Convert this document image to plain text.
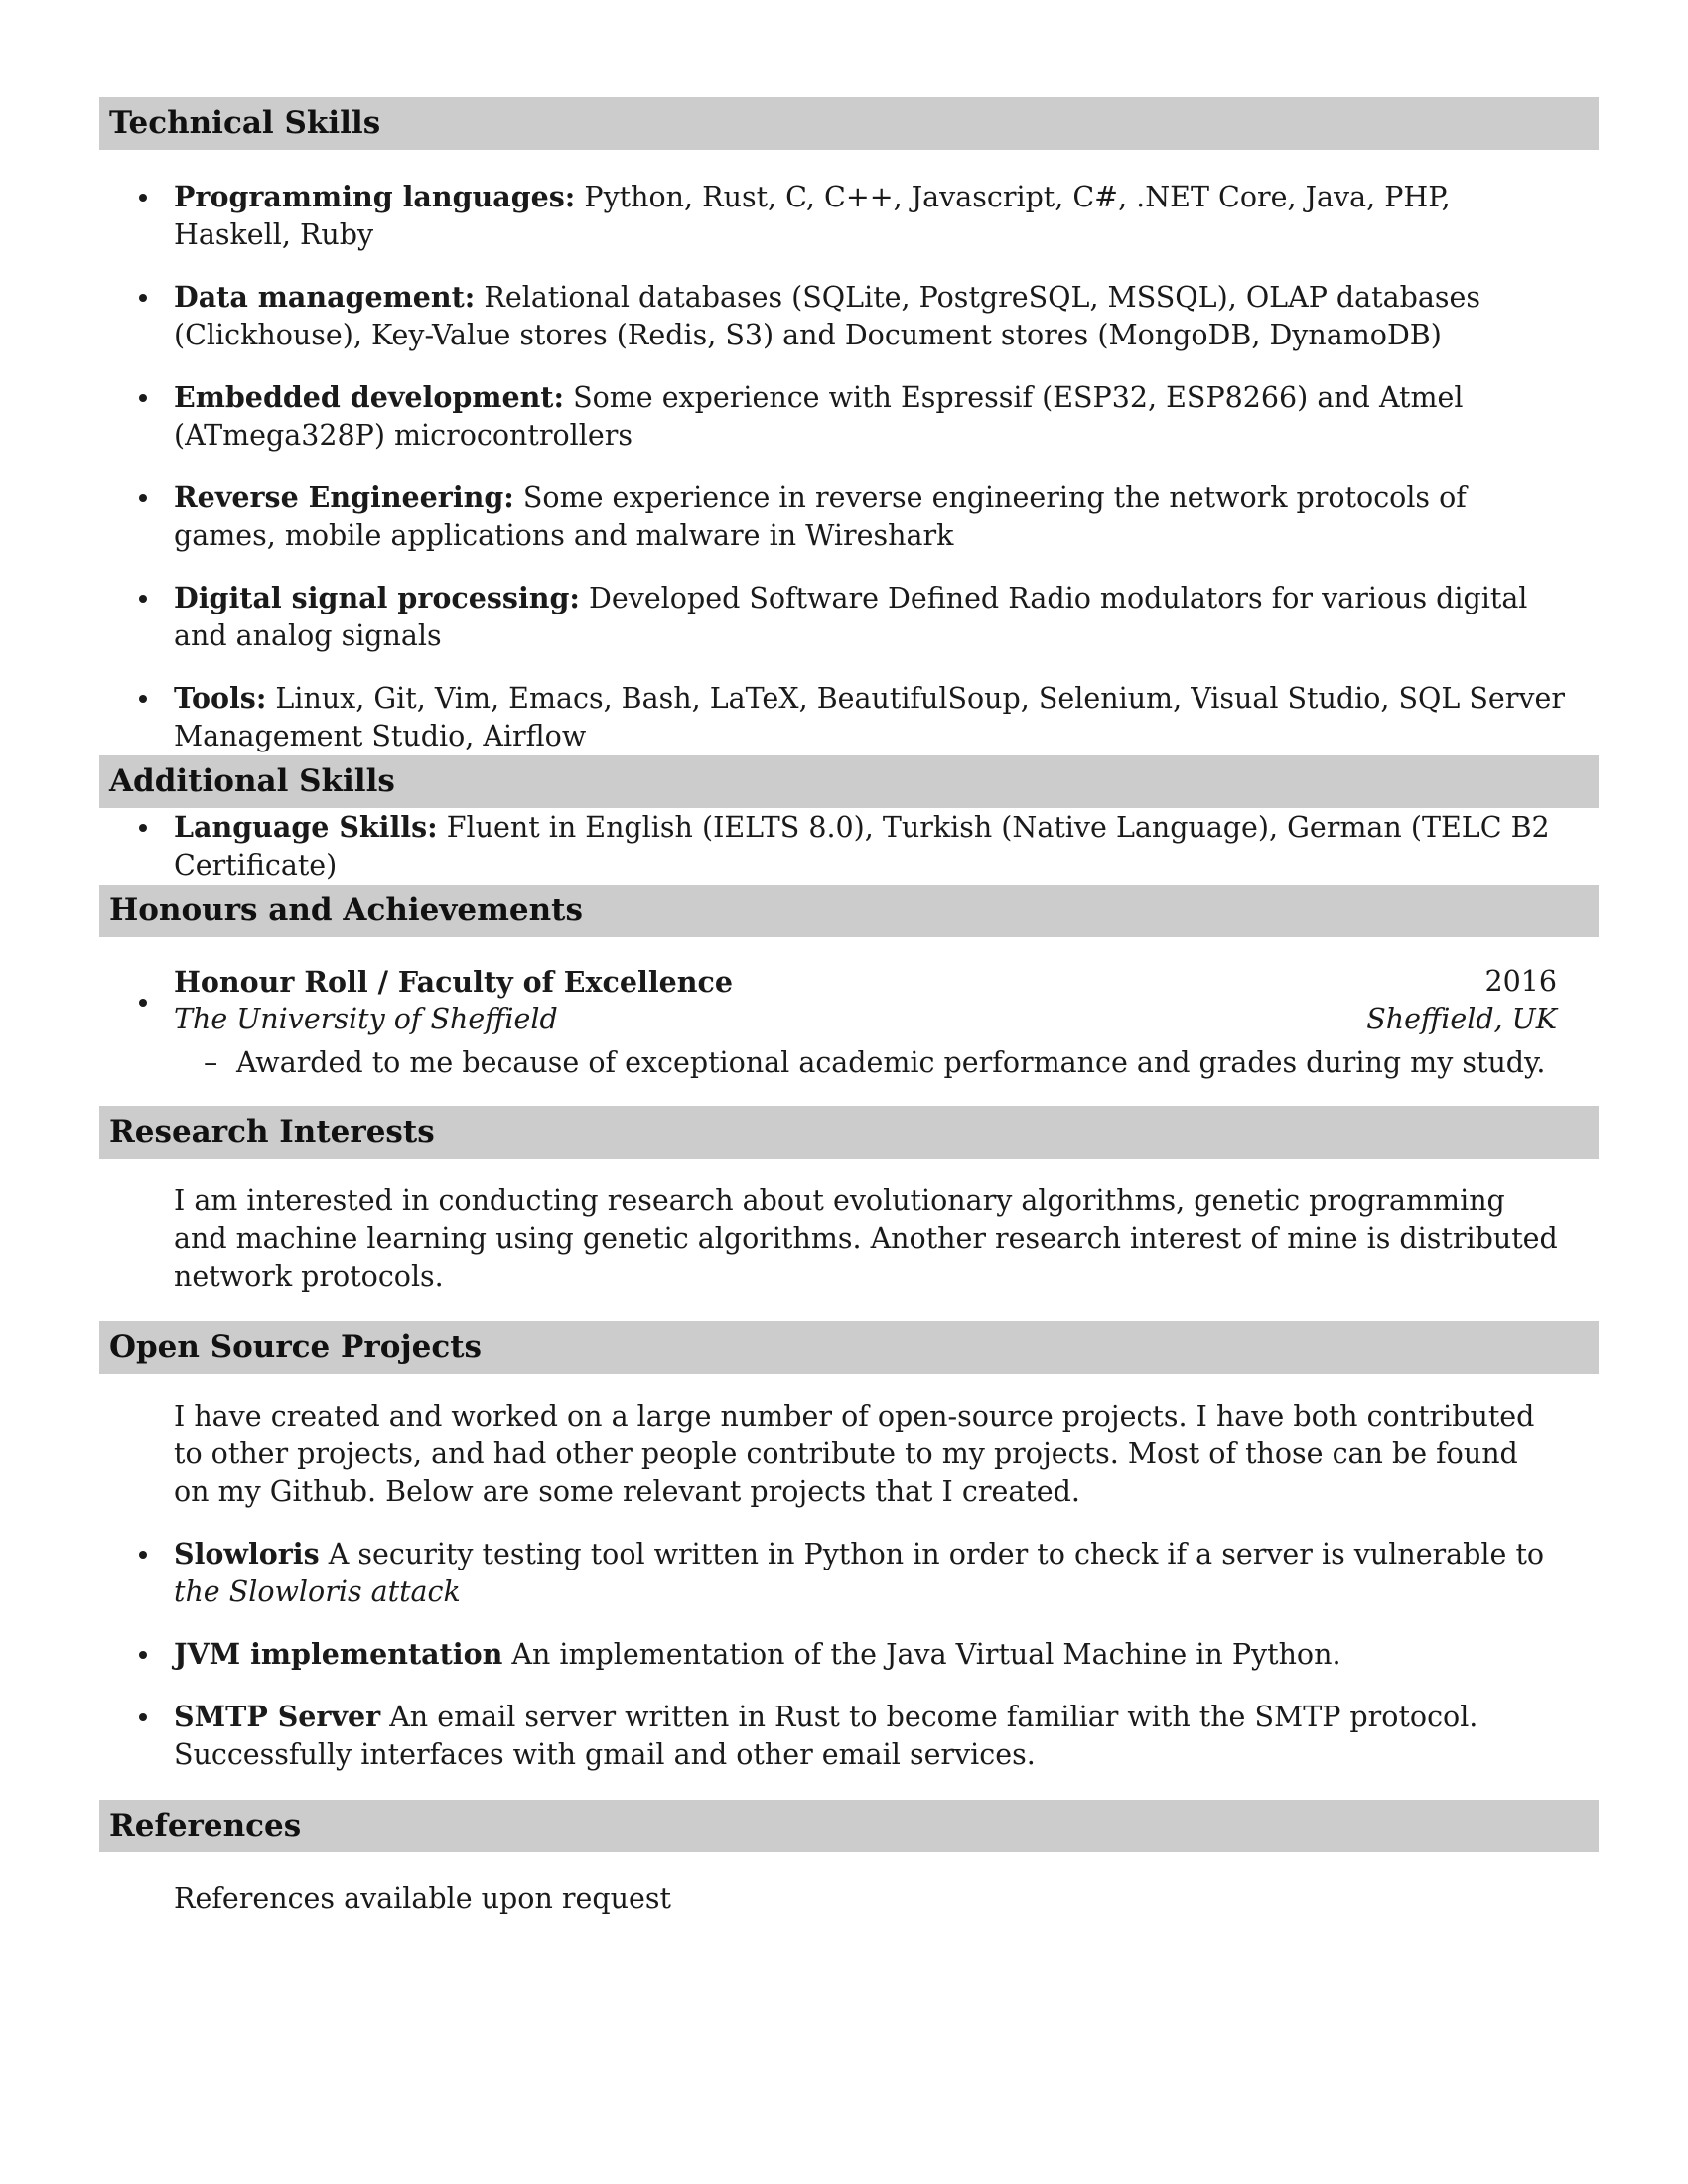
Technical Skills
Programming languages: Python, Rust, C, C++, Javascript, C#, .NET Core, Java, PHP, Haskell, Ruby
Data management: Relational databases (SQLite, PostgreSQL, MSSQL), OLAP databases (Clickhouse), Key-Value stores (Redis, S3) and Document stores (MongoDB, DynamoDB)
Embedded development: Some experience with Espressif (ESP32, ESP8266) and Atmel (ATmega328P) microcontrollers
Reverse Engineering: Some experience in reverse engineering the network protocols of games, mobile applications and malware in Wireshark
Digital signal processing: Developed Software Defined Radio modulators for various digital and analog signals
Tools: Linux, Git, Vim, Emacs, Bash, LaTeX, BeautifulSoup, Selenium, Visual Studio, SQL Server Management Studio, Airflow
Additional Skills
Language Skills: Fluent in English (IELTS 8.0), Turkish (Native Language), German (TELC B2 Certificate)
Honours and Achievements
Honour Roll / Faculty of Excellence	2016
The University of Sheffield	Sheffield, UK
– Awarded to me because of exceptional academic performance and grades during my study.
Research Interests
I am interested in conducting research about evolutionary algorithms, genetic programming and machine learning using genetic algorithms. Another research interest of mine is distributed network protocols.
Open Source Projects
I have created and worked on a large number of open-source projects. I have both contributed to other projects, and had other people contribute to my projects. Most of those can be found on my Github. Below are some relevant projects that I created.
Slowloris A security testing tool written in Python in order to check if a server is vulnerable to the Slowloris attack
JVM implementation An implementation of the Java Virtual Machine in Python.
SMTP Server An email server written in Rust to become familiar with the SMTP protocol. Successfully interfaces with gmail and other email services.
References
References available upon request
